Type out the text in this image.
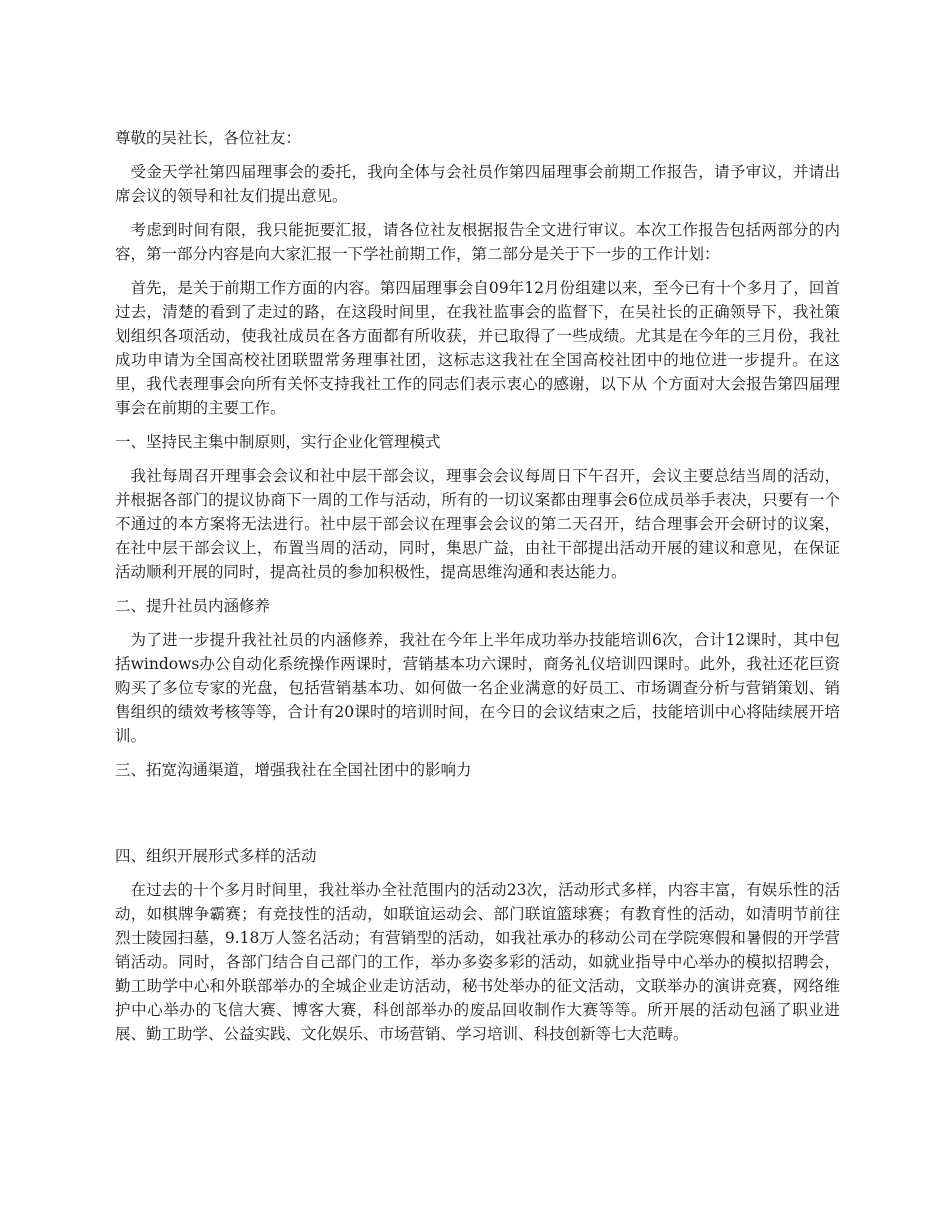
尊敬的吴社长，各位社友：

受金天学社第四届理事会的委托，我向全体与会社员作第四届理事会前期工作报告，请予审议，并请出席会议的领导和社友们提出意见。

考虑到时间有限，我只能扼要汇报，请各位社友根据报告全文进行审议。本次工作报告包括两部分的内容，第一部分内容是向大家汇报一下学社前期工作，第二部分是关于下一步的工作计划：

首先，是关于前期工作方面的内容。第四届理事会自09年12月份组建以来，至今已有十个多月了，回首过去，清楚的看到了走过的路，在这段时间里，在我社监事会的监督下，在吴社长的正确领导下，我社策划组织各项活动，使我社成员在各方面都有所收获，并已取得了一些成绩。尤其是在今年的三月份，我社成功申请为全国高校社团联盟常务理事社团，这标志这我社在全国高校社团中的地位进一步提升。在这里，我代表理事会向所有关怀支持我社工作的同志们表示衷心的感谢，以下从 个方面对大会报告第四届理事会在前期的主要工作。

一、坚持民主集中制原则，实行企业化管理模式

我社每周召开理事会会议和社中层干部会议，理事会会议每周日下午召开，会议主要总结当周的活动，并根据各部门的提议协商下一周的工作与活动，所有的一切议案都由理事会6位成员举手表决，只要有一个不通过的本方案将无法进行。社中层干部会议在理事会会议的第二天召开，结合理事会开会研讨的议案，在社中层干部会议上，布置当周的活动，同时，集思广益，由社干部提出活动开展的建议和意见，在保证活动顺利开展的同时，提高社员的参加积极性，提高思维沟通和表达能力。

二、提升社员内涵修养

为了进一步提升我社社员的内涵修养，我社在今年上半年成功举办技能培训6次，合计12课时，其中包括windows办公自动化系统操作两课时，营销基本功六课时，商务礼仪培训四课时。此外，我社还花巨资购买了多位专家的光盘，包括营销基本功、如何做一名企业满意的好员工、市场调查分析与营销策划、销售组织的绩效考核等等，合计有20课时的培训时间，在今日的会议结束之后，技能培训中心将陆续展开培训。

三、拓宽沟通渠道，增强我社在全国社团中的影响力

四、组织开展形式多样的活动

在过去的十个多月时间里，我社举办全社范围内的活动23次，活动形式多样，内容丰富，有娱乐性的活动，如棋牌争霸赛；有竞技性的活动，如联谊运动会、部门联谊篮球赛；有教育性的活动，如清明节前往烈士陵园扫墓，9.18万人签名活动；有营销型的活动，如我社承办的移动公司在学院寒假和暑假的开学营销活动。同时，各部门结合自己部门的工作，举办多姿多彩的活动，如就业指导中心举办的模拟招聘会，勤工助学中心和外联部举办的全城企业走访活动，秘书处举办的征文活动，文联举办的演讲竞赛，网络维护中心举办的飞信大赛、博客大赛，科创部举办的废品回收制作大赛等等。所开展的活动包涵了职业进展、勤工助学、公益实践、文化娱乐、市场营销、学习培训、科技创新等七大范畴。
